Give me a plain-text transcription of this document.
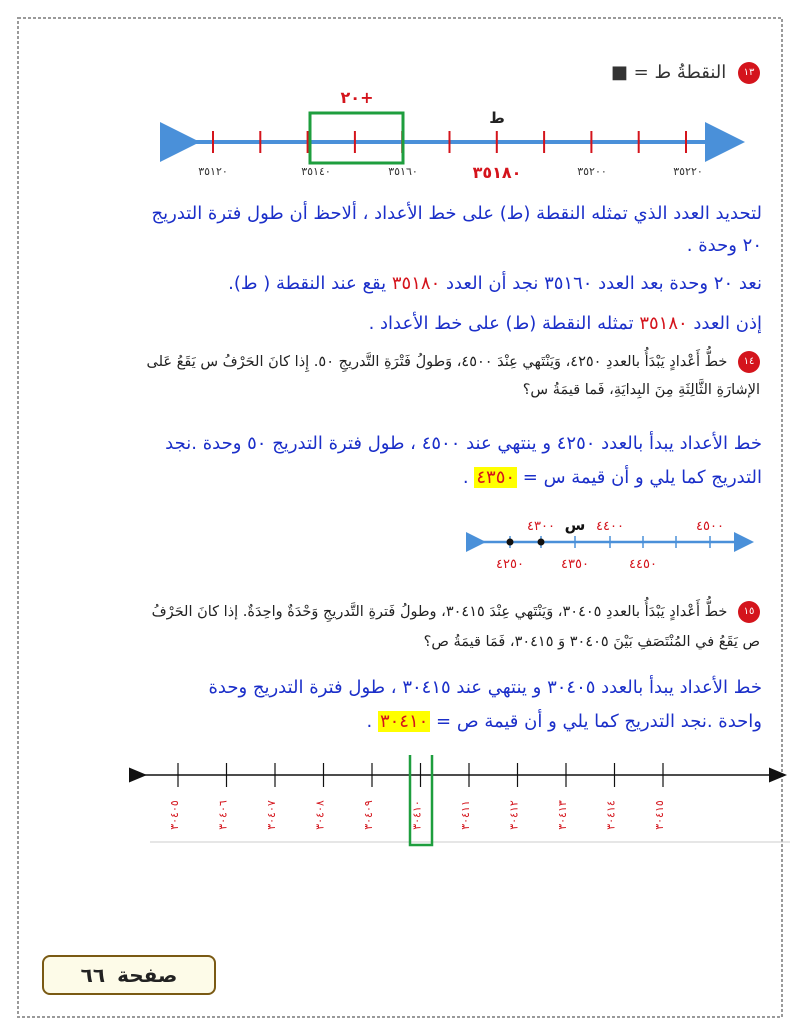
١٣ النقطةُ ط = ■
٢٠+
ط
٣٥١٢٠	٣٥١٤٠	٣٥١٦٠	٣٥١٨٠	٣٥٢٠٠	٣٥٢٢٠
لتحديد العدد الذي تمثله النقطة (ط) على خط الأعداد ، ألاحظ أن طول فترة التدريج
٢٠ وحدة .
نعد ٢٠ وحدة بعد العدد ٣٥١٦٠ نجد أن العدد ٣٥١٨٠ يقع عند النقطة ( ط).
إذن العدد ٣٥١٨٠ تمثله النقطة (ط) على خط الأعداد .
١٤ خطُّ أَعْدادٍ يَبْدَأُ بالعددِ ٤٢٥٠، وَيَنْتَهي عِنْدَ ٤٥٠٠، وَطولُ فَتْرَةِ التَّدريجِ ٥٠. إِذا كانَ الحَرْفُ س يَقَعُ عَلى
الإشارَةِ الثَّالِثَةِ مِنَ البِدايَةِ، فَما قيمَةُ س؟
خط الأعداد يبدأ بالعدد ٤٢٥٠ و ينتهي عند ٤٥٠٠ ، طول فترة التدريج ٥٠ وحدة .نجد
التدريج كما يلي و أن قيمة س = ٤٣٥٠ .
٤٣٠٠ س ٤٤٠٠	٤٥٠٠
٤٢٥٠	٤٣٥٠	٤٤٥٠
١٥ خطُّ أَعْدادٍ يَبْدَأُ بالعددِ ٣٠٤٠٥، وَيَنْتَهي عِنْدَ ٣٠٤١٥، وطولُ فَترةِ التَّدريجِ وَحْدَةٌ واحِدَةٌ. إذا كانَ الحَرْفُ
ص يَقَعُ في المُنْتَصَفِ بَيْنَ ٣٠٤٠٥ وَ ٣٠٤١٥، فَمَا قيمَةُ ص؟
خط الأعداد يبدأ بالعدد ٣٠٤٠٥ و ينتهي عند ٣٠٤١٥ ، طول فترة التدريج وحدة
واحدة .نجد التدريج كما يلي و أن قيمة ص = ٣٠٤١٠ .
٣٠٤٠٥	٣٠٤٠٦	٣٠٤٠٧	٣٠٤٠٨	٣٠٤٠٩	٣٠٤١٠	٣٠٤١١	٣٠٤١٢	٣٠٤١٣	٣٠٤١٤	٣٠٤١٥
صفحة
٦٦
